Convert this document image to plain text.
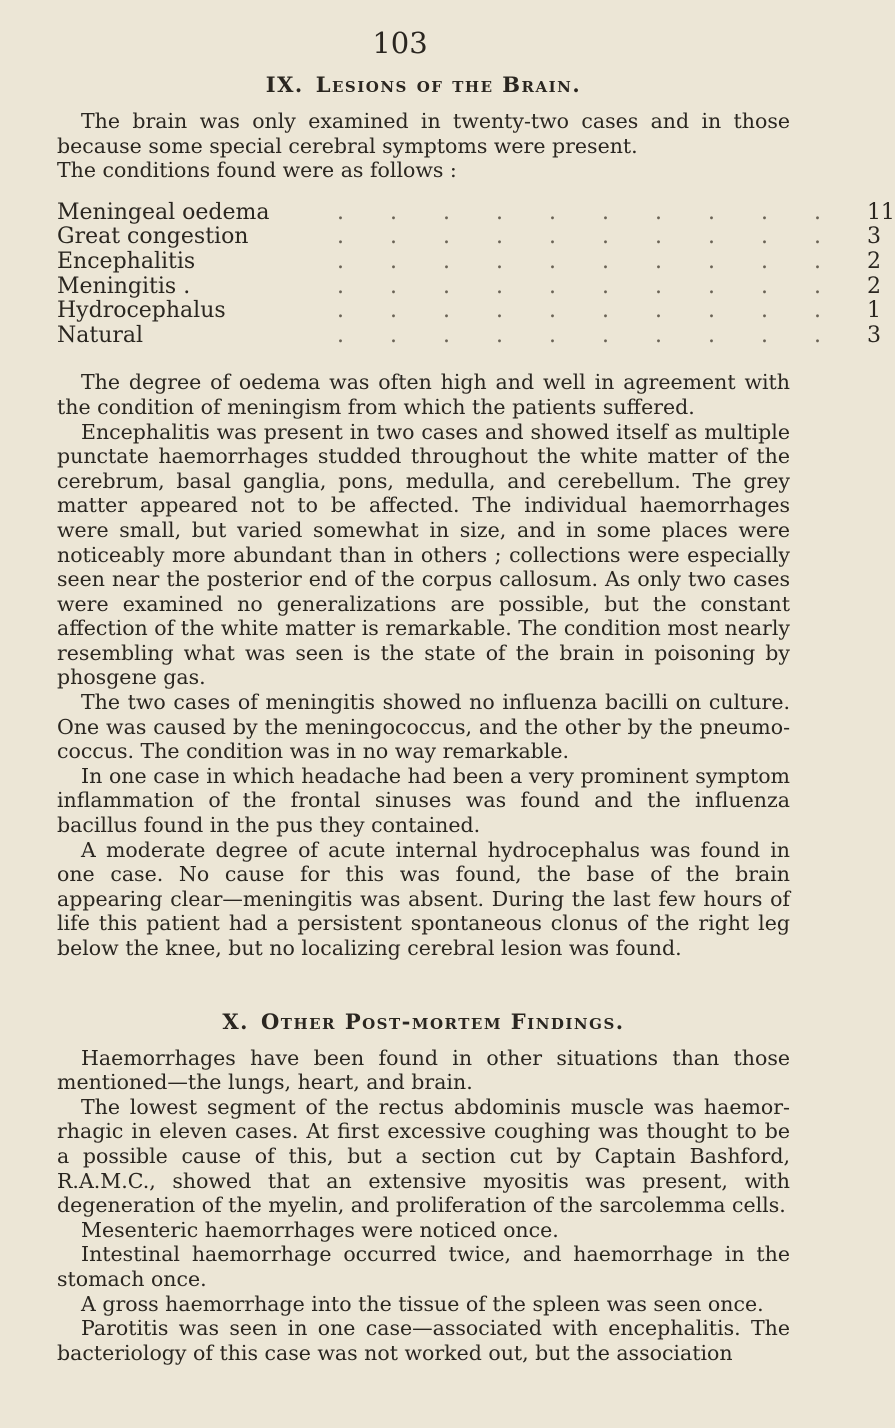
103
IX. Lesions of the Brain.

The brain was only examined in twenty-two cases and in those because some special cerebral symptoms were present.

The conditions found were as follows :

Meningeal oedema	.......... 11
Great congestion	.......... 3
Encephalitis	.......... 2
Meningitis .	.......... 2
Hydrocephalus	.......... 1
Natural	.......... 3

The degree of oedema was often high and well in agreement with the condition of meningism from which the patients suffered.

Encephalitis was present in two cases and showed itself as multiple punctate haemorrhages studded throughout the white matter of the cerebrum, basal ganglia, pons, medulla, and cerebellum. The grey matter appeared not to be affected. The individual haemorrhages were small, but varied somewhat in size, and in some places were noticeably more abundant than in others ; collections were especially seen near the posterior end of the corpus callosum. As only two cases were examined no generalizations are possible, but the constant affection of the white matter is remarkable. The condition most nearly resembling what was seen is the state of the brain in poisoning by phosgene gas.

The two cases of meningitis showed no influenza bacilli on culture. One was caused by the meningococcus, and the other by the pneumo-coccus. The condition was in no way remarkable.

In one case in which headache had been a very prominent symptom inflammation of the frontal sinuses was found and the influenza bacillus found in the pus they contained.

A moderate degree of acute internal hydrocephalus was found in one case. No cause for this was found, the base of the brain appearing clear—meningitis was absent. During the last few hours of life this patient had a persistent spontaneous clonus of the right leg below the knee, but no localizing cerebral lesion was found.

X. Other Post-mortem Findings.

Haemorrhages have been found in other situations than those mentioned—the lungs, heart, and brain.

The lowest segment of the rectus abdominis muscle was haemor-rhagic in eleven cases. At first excessive coughing was thought to be a possible cause of this, but a section cut by Captain Bashford, R.A.M.C., showed that an extensive myositis was present, with degeneration of the myelin, and proliferation of the sarcolemma cells.

Mesenteric haemorrhages were noticed once.

Intestinal haemorrhage occurred twice, and haemorrhage in the stomach once.

A gross haemorrhage into the tissue of the spleen was seen once.

Parotitis was seen in one case—associated with encephalitis. The bacteriology of this case was not worked out, but the association
